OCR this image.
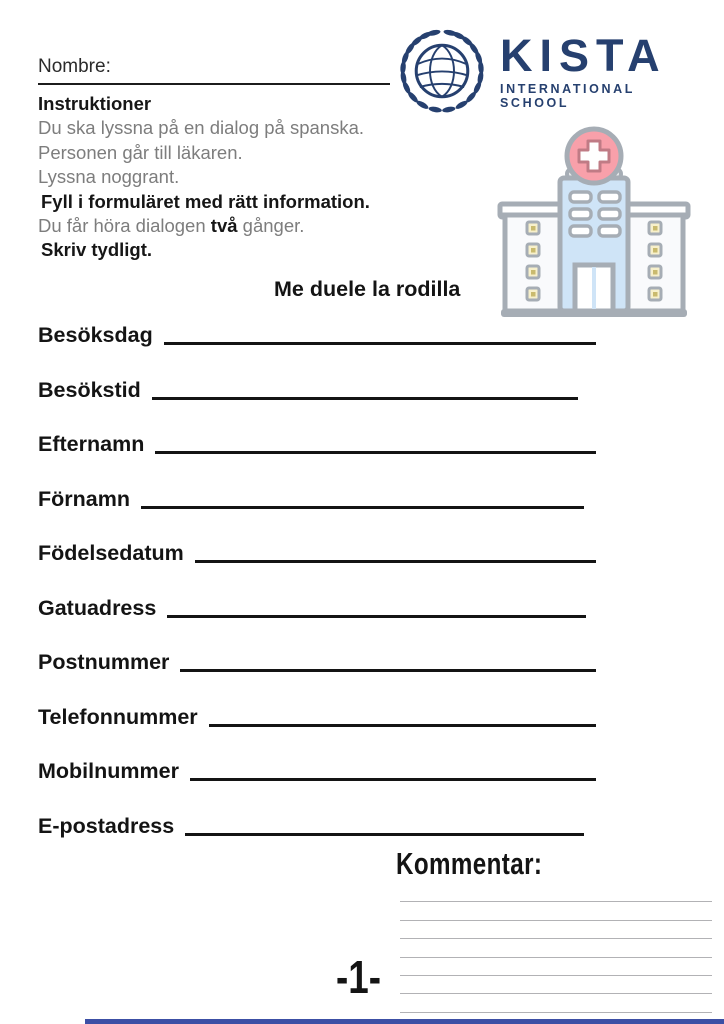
Nombre:	KISTA
INTERNATIONAL SCHOOL
Instruktioner
Du ska lyssna på en dialog på spanska.
Personen går till läkaren.
Lyssna noggrant.
Fyll i formuläret med rätt information.
Du får höra dialogen två gånger.
Skriv tydligt.
Me duele la rodilla
Besöksdag
Besökstid
Efternamn
Förnamn
Födelsedatum
Gatuadress
Postnummer
Telefonnummer
Mobilnummer
E-postadress
Kommentar:
-1-
